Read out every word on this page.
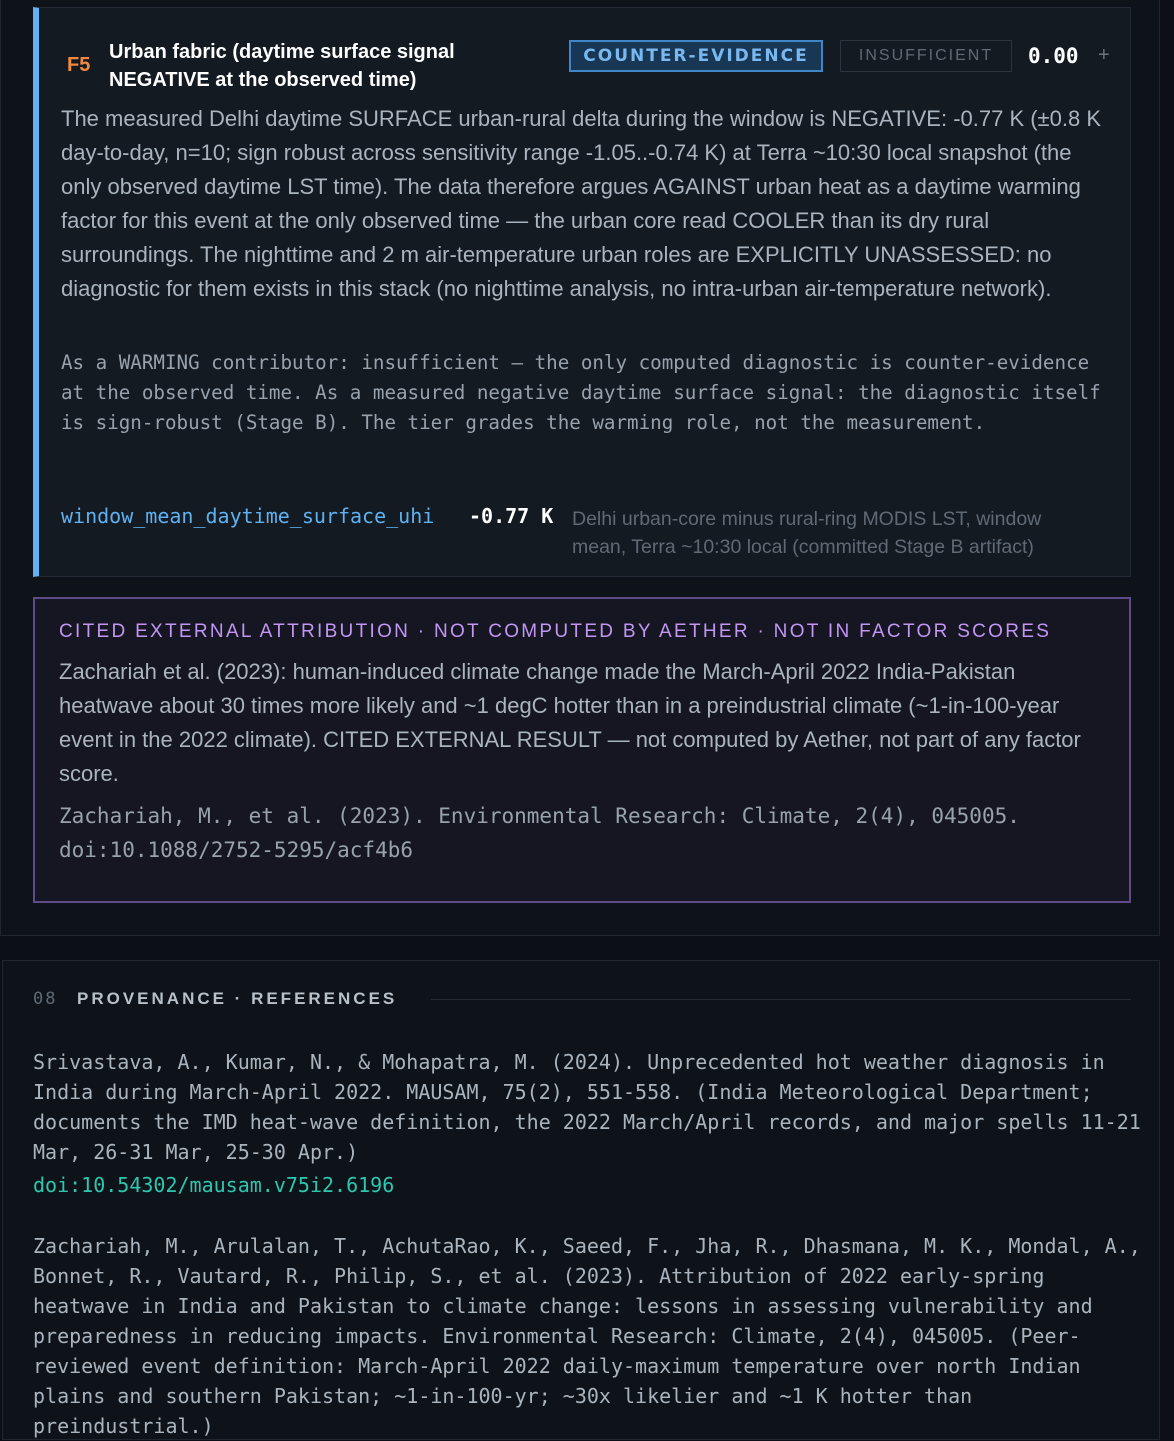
F5
Urban fabric (daytime surface signal NEGATIVE at the observed time)
COUNTER-EVIDENCE	INSUFFICIENT	0.00 +

The measured Delhi daytime SURFACE urban-rural delta during the window is NEGATIVE: -0.77 K (±0.8 K day-to-day, n=10; sign robust across sensitivity range -1.05..-0.74 K) at Terra ~10:30 local snapshot (the only observed daytime LST time). The data therefore argues AGAINST urban heat as a daytime warming factor for this event at the only observed time — the urban core read COOLER than its dry rural surroundings. The nighttime and 2 m air-temperature urban roles are EXPLICITLY UNASSESSED: no diagnostic for them exists in this stack (no nighttime analysis, no intra-urban air-temperature network).

As a WARMING contributor: insufficient — the only computed diagnostic is counter-evidence at the observed time. As a measured negative daytime surface signal: the diagnostic itself is sign-robust (Stage B). The tier grades the warming role, not the measurement.

window_mean_daytime_surface_uhi -0.77 K Delhi urban-core minus rural-ring MODIS LST, window mean, Terra ~10:30 local (committed Stage B artifact)
CITED EXTERNAL ATTRIBUTION · NOT COMPUTED BY AETHER · NOT IN FACTOR SCORES

Zachariah et al. (2023): human-induced climate change made the March-April 2022 India-Pakistan heatwave about 30 times more likely and ~1 degC hotter than in a preindustrial climate (~1-in-100-year event in the 2022 climate). CITED EXTERNAL RESULT — not computed by Aether, not part of any factor score.

Zachariah, M., et al. (2023). Environmental Research: Climate, 2(4), 045005. doi:10.1088/2752-5295/acf4b6

08 PROVENANCE · REFERENCES

Srivastava, A., Kumar, N., & Mohapatra, M. (2024). Unprecedented hot weather diagnosis in India during March-April 2022. MAUSAM, 75(2), 551-558. (India Meteorological Department; documents the IMD heat-wave definition, the 2022 March/April records, and major spells 11-21 Mar, 26-31 Mar, 25-30 Apr.)

doi:10.54302/mausam.v75i2.6196

Zachariah, M., Arulalan, T., AchutaRao, K., Saeed, F., Jha, R., Dhasmana, M. K., Mondal, A., Bonnet, R., Vautard, R., Philip, S., et al. (2023). Attribution of 2022 early-spring heatwave in India and Pakistan to climate change: lessons in assessing vulnerability and preparedness in reducing impacts. Environmental Research: Climate, 2(4), 045005. (Peer-reviewed event definition: March-April 2022 daily-maximum temperature over north Indian plains and southern Pakistan; ~1-in-100-yr; ~30x likelier and ~1 K hotter than preindustrial.)
